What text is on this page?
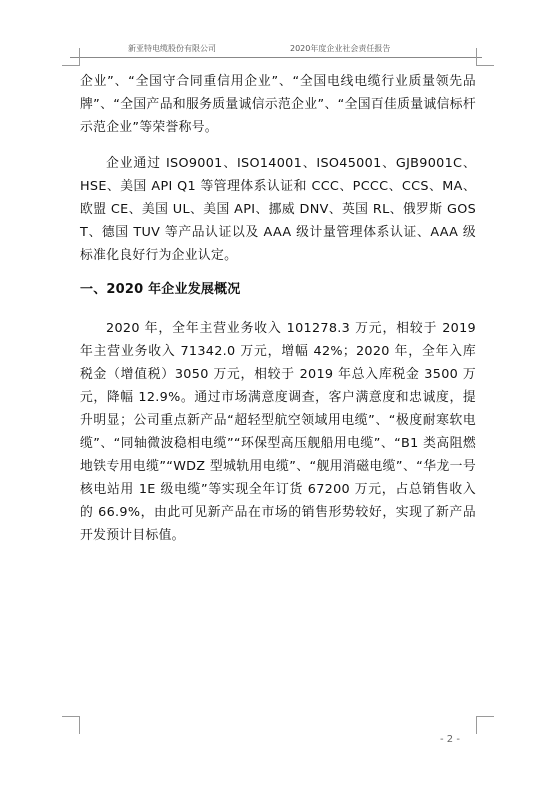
新亚特电缆股份有限公司	2020年度企业社会责任报告

企业”、“全国守合同重信用企业”、“全国电线电缆行业质量领先品牌”、“全国产品和服务质量诚信示范企业”、“全国百佳质量诚信标杆示范企业”等荣誉称号。

企业通过 ISO9001、ISO14001、ISO45001、GJB9001C、HSE、美国 API Q1 等管理体系认证和 CCC、PCCC、CCS、MA、欧盟 CE、美国 UL、美国 API、挪威 DNV、英国 RL、俄罗斯 GOST、德国 TUV 等产品认证以及 AAA 级计量管理体系认证、AAA 级标准化良好行为企业认定。

一、2020 年企业发展概况

2020 年，全年主营业务收入 101278.3 万元，相较于 2019 年主营业务收入 71342.0 万元，增幅 42%；2020 年，全年入库税金（增值税）3050 万元，相较于 2019 年总入库税金 3500 万元，降幅 12.9%。通过市场满意度调查，客户满意度和忠诚度，提升明显；公司重点新产品“超轻型航空领域用电缆”、“极度耐寒软电缆”、“同轴微波稳相电缆”“环保型高压舰船用电缆”、“B1 类高阻燃地铁专用电缆”“WDZ 型城轨用电缆”、“舰用消磁电缆”、“华龙一号核电站用 1E 级电缆”等实现全年订货 67200 万元，占总销售收入的 66.9%，由此可见新产品在市场的销售形势较好，实现了新产品开发预计目标值。

- 2 -
